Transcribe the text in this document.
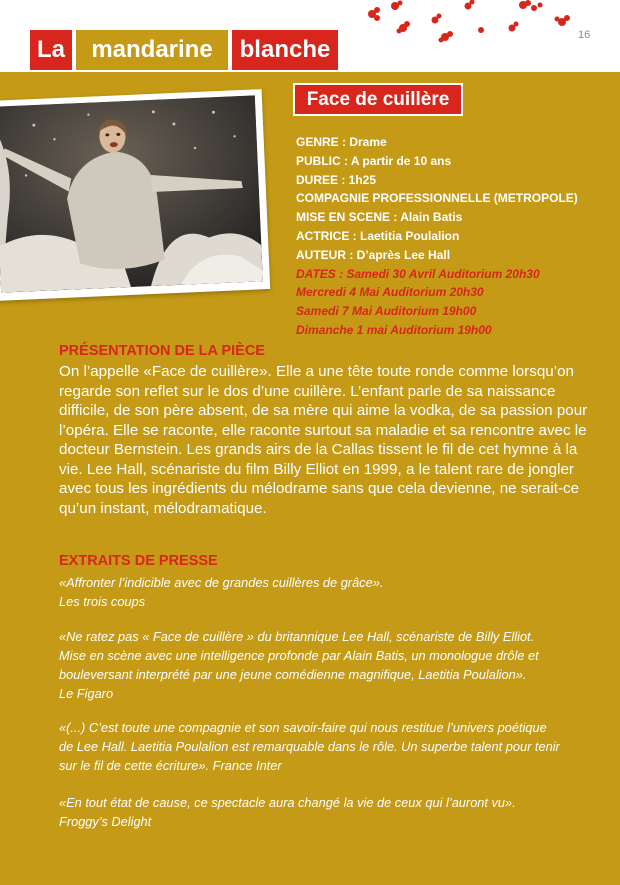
16
La	mandarine	blanche
Face de cuillère
GENRE : Drame
PUBLIC : A partir de 10 ans
DUREE : 1h25
COMPAGNIE PROFESSIONNELLE (METROPOLE)
MISE EN SCENE : Alain Batis
ACTRICE : Laetitia Poulalion
AUTEUR : D’après Lee Hall
DATES : Samedi 30 Avril Auditorium 20h30
Mercredi 4 Mai Auditorium 20h30
Samedi 7 Mai Auditorium 19h00
Dimanche 1 mai Auditorium 19h00
PRÉSENTATION DE LA PIÈCE
On l’appelle «Face de cuillère». Elle a une tête toute ronde comme lorsqu’on
regarde son reflet sur le dos d’une cuillère. L’enfant parle de sa naissance
difficile, de son père absent, de sa mère qui aime la vodka, de sa passion pour
l’opéra. Elle se raconte, elle raconte surtout sa maladie et sa rencontre avec le
docteur Bernstein. Les grands airs de la Callas tissent le fil de cet hymne à la
vie. Lee Hall, scénariste du film Billy Elliot en 1999, a le talent rare de jongler
avec tous les ingrédients du mélodrame sans que cela devienne, ne serait-ce
qu’un instant, mélodramatique.
EXTRAITS DE PRESSE
«Affronter l’indicible avec de grandes cuillères de grâce».
Les trois coups
«Ne ratez pas « Face de cuillère » du britannique Lee Hall, scénariste de Billy Elliot.
Mise en scène avec une intelligence profonde par Alain Batis, un monologue drôle et
bouleversant interprété par une jeune comédienne magnifique, Laetitia Poulalion».
Le Figaro
«(...) C’est toute une compagnie et son savoir-faire qui nous restitue l’univers poétique
de Lee Hall. Laetitia Poulalion est remarquable dans le rôle. Un superbe talent pour tenir
sur le fil de cette écriture». France Inter
«En tout état de cause, ce spectacle aura changé la vie de ceux qui l’auront vu».
Froggy’s Delight
